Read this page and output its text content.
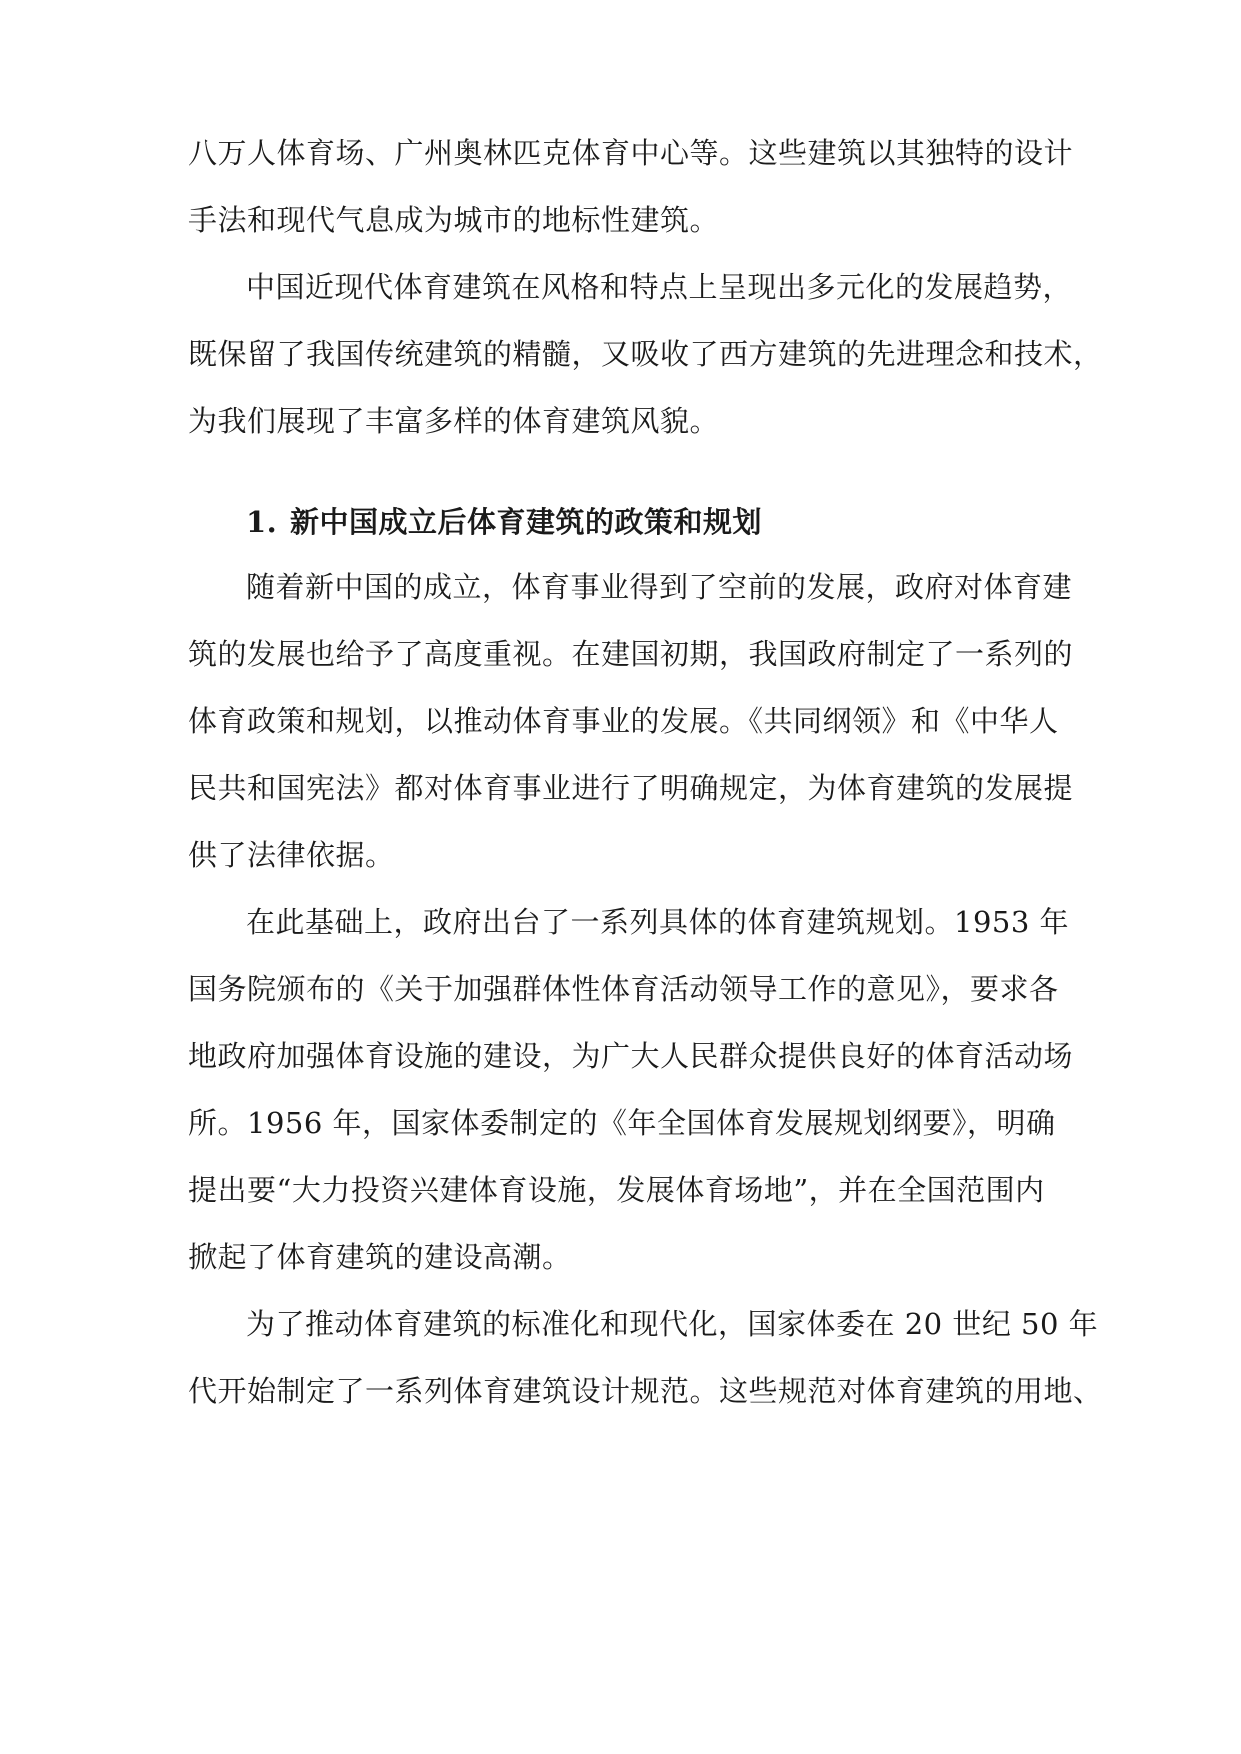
八万人体育场、广州奥林匹克体育中心等。这些建筑以其独特的设计
手法和现代气息成为城市的地标性建筑。
中国近现代体育建筑在风格和特点上呈现出多元化的发展趋势，
既保留了我国传统建筑的精髓，又吸收了西方建筑的先进理念和技术，
为我们展现了丰富多样的体育建筑风貌。
1. 新中国成立后体育建筑的政策和规划
随着新中国的成立，体育事业得到了空前的发展，政府对体育建
筑的发展也给予了高度重视。在建国初期，我国政府制定了一系列的
体育政策和规划，以推动体育事业的发展。《共同纲领》和《中华人
民共和国宪法》都对体育事业进行了明确规定，为体育建筑的发展提
供了法律依据。
在此基础上，政府出台了一系列具体的体育建筑规划。1953 年
国务院颁布的《关于加强群体性体育活动领导工作的意见》，要求各
地政府加强体育设施的建设，为广大人民群众提供良好的体育活动场
所。1956 年，国家体委制定的《年全国体育发展规划纲要》，明确
提出要“大力投资兴建体育设施，发展体育场地”，并在全国范围内
掀起了体育建筑的建设高潮。
为了推动体育建筑的标准化和现代化，国家体委在 20 世纪 50 年
代开始制定了一系列体育建筑设计规范。这些规范对体育建筑的用地、
